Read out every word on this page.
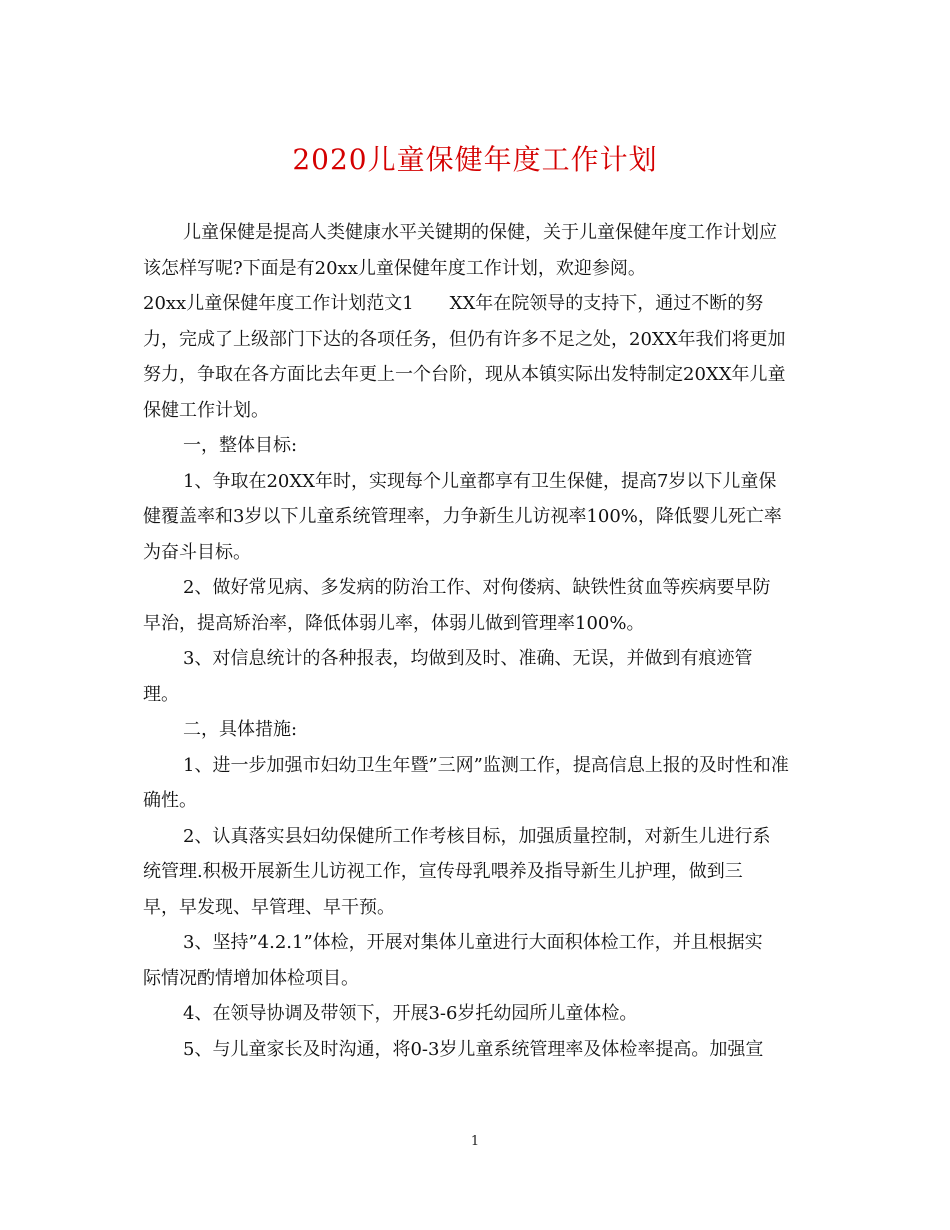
2020儿童保健年度工作计划
儿童保健是提高人类健康水平关键期的保健，关于儿童保健年度工作计划应
该怎样写呢?下面是有20xx儿童保健年度工作计划，欢迎参阅。
20xx儿童保健年度工作计划范文1　　XX年在院领导的支持下，通过不断的努
力，完成了上级部门下达的各项任务，但仍有许多不足之处，20XX年我们将更加
努力，争取在各方面比去年更上一个台阶，现从本镇实际出发特制定20XX年儿童
保健工作计划。
一，整体目标:
1、争取在20XX年时，实现每个儿童都享有卫生保健，提高7岁以下儿童保
健覆盖率和3岁以下儿童系统管理率，力争新生儿访视率100%，降低婴儿死亡率
为奋斗目标。
2、做好常见病、多发病的防治工作、对佝偻病、缺铁性贫血等疾病要早防
早治，提高矫治率，降低体弱儿率，体弱儿做到管理率100%。
3、对信息统计的各种报表，均做到及时、准确、无误，并做到有痕迹管
理。
二，具体措施:
1、进一步加强市妇幼卫生年暨”三网”监测工作，提高信息上报的及时性和准
确性。
2、认真落实县妇幼保健所工作考核目标，加强质量控制，对新生儿进行系
统管理.积极开展新生儿访视工作，宣传母乳喂养及指导新生儿护理，做到三
早，早发现、早管理、早干预。
3、坚持”4.2.1”体检，开展对集体儿童进行大面积体检工作，并且根据实
际情况酌情增加体检项目。
4、在领导协调及带领下，开展3-6岁托幼园所儿童体检。
5、与儿童家长及时沟通，将0-3岁儿童系统管理率及体检率提高。加强宣
1
